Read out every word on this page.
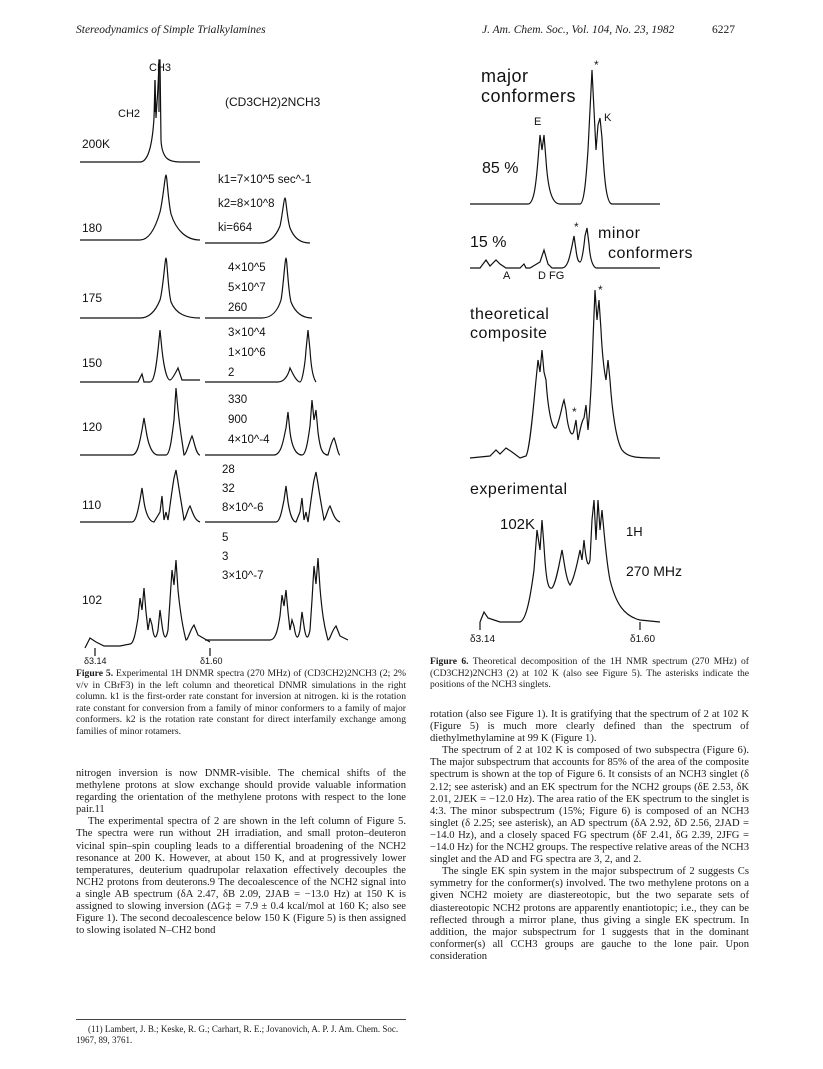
Stereodynamics of Simple Trialkylamines	J. Am. Chem. Soc., Vol. 104, No. 23, 1982	6227
CH3
CH2
(CD3CH2)2NCH3
200K
180
175
150
120
110
102
k1=7×10^5 sec^-1
k2=8×10^8
ki=664
4×10^5
5×10^7
260
3×10^4
1×10^6
2
330
900
4×10^-4
28
32
8×10^-6
5
3
3×10^-7
δ3.14	δ1.60
Figure 5. Experimental 1H DNMR spectra (270 MHz) of (CD3CH2)2NCH3 (2; 2% v/v in CBrF3) in the left column and theoretical DNMR simulations in the right column. k1 is the first-order rate constant for inversion at nitrogen. ki is the rotation rate constant for conversion from a family of minor conformers to a family of major conformers. k2 is the rotation rate constant for direct interfamily exchange among families of minor rotamers.
*
*
*
*
major
conformers
E	K
85 %
15 %
minor
conformers
A	D FG
theoretical
composite
experimental
102K	1H
270 MHz
δ3.14	δ1.60
Figure 6. Theoretical decomposition of the 1H NMR spectrum (270 MHz) of (CD3CH2)2NCH3 (2) at 102 K (also see Figure 5). The asterisks indicate the positions of the NCH3 singlets.

nitrogen inversion is now DNMR-visible. The chemical shifts of the methylene protons at slow exchange should provide valuable information regarding the orientation of the methylene protons with respect to the lone pair.11

The experimental spectra of 2 are shown in the left column of Figure 5. The spectra were run without 2H irradiation, and small proton–deuteron vicinal spin–spin coupling leads to a differential broadening of the NCH2 resonance at 200 K. However, at about 150 K, and at progressively lower temperatures, deuterium quadrupolar relaxation effectively decouples the NCH2 protons from deuterons.9 The decoalescence of the NCH2 signal into a single AB spectrum (δA 2.47, δB 2.09, 2JAB = −13.0 Hz) at 150 K is assigned to slowing inversion (ΔG‡ = 7.9 ± 0.4 kcal/mol at 160 K; also see Figure 1). The second decoalescence below 150 K (Figure 5) is then assigned to slowing isolated N–CH2 bond

(11) Lambert, J. B.; Keske, R. G.; Carhart, R. E.; Jovanovich, A. P. J. Am. Chem. Soc. 1967, 89, 3761.

rotation (also see Figure 1). It is gratifying that the spectrum of 2 at 102 K (Figure 5) is much more clearly defined than the spectrum of diethylmethylamine at 99 K (Figure 1).

The spectrum of 2 at 102 K is composed of two subspectra (Figure 6). The major subspectrum that accounts for 85% of the area of the composite spectrum is shown at the top of Figure 6. It consists of an NCH3 singlet (δ 2.12; see asterisk) and an EK spectrum for the NCH2 groups (δE 2.53, δK 2.01, 2JEK = −12.0 Hz). The area ratio of the EK spectrum to the singlet is 4:3. The minor subspectrum (15%; Figure 6) is composed of an NCH3 singlet (δ 2.25; see asterisk), an AD spectrum (δA 2.92, δD 2.56, 2JAD = −14.0 Hz), and a closely spaced FG spectrum (δF 2.41, δG 2.39, 2JFG = −14.0 Hz) for the NCH2 groups. The respective relative areas of the NCH3 singlet and the AD and FG spectra are 3, 2, and 2.

The single EK spin system in the major subspectrum of 2 suggests Cs symmetry for the conformer(s) involved. The two methylene protons on a given NCH2 moiety are diastereotopic, but the two separate sets of diastereotopic NCH2 protons are apparently enantiotopic; i.e., they can be reflected through a mirror plane, thus giving a single EK spectrum. In addition, the major subspectrum for 1 suggests that in the dominant conformer(s) all CCH3 groups are gauche to the lone pair. Upon consideration
